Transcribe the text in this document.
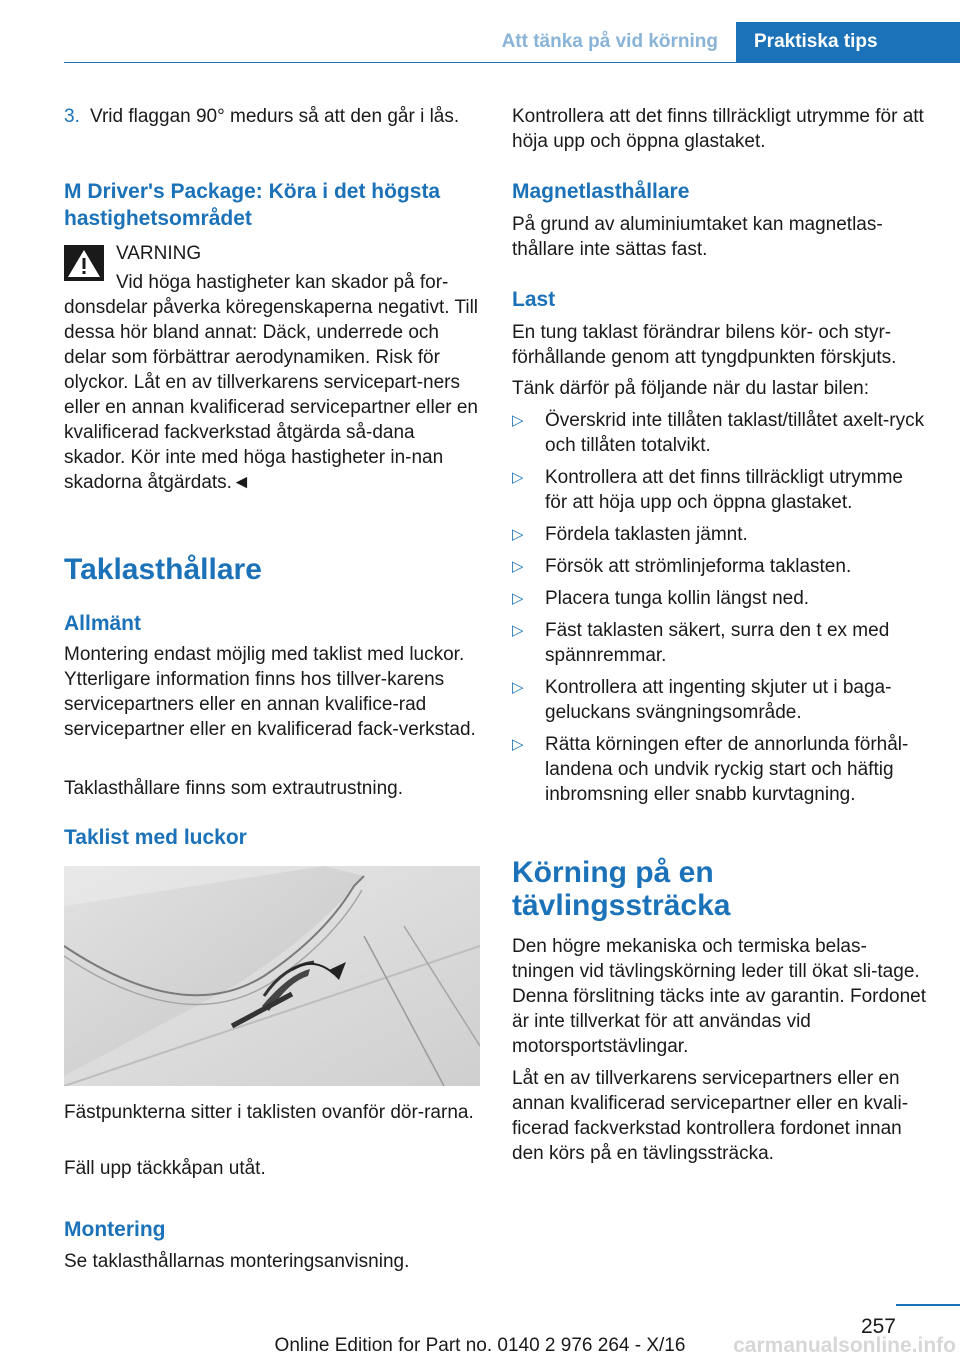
Att tänka på vid körning Praktiska tips
3. Vrid flaggan 90° medurs så att den går i lås.
M Driver's Package: Köra i det högsta hastighetsområdet
VARNING
Vid höga hastigheter kan skador på for-
donsdelar påverka köregenskaperna negativt. Till dessa hör bland annat: Däck, underrede och delar som förbättrar aerodynamiken. Risk för olyckor. Låt en av tillverkarens servicepart-ners eller en annan kvalificerad servicepartner eller en kvalificerad fackverkstad åtgärda så-dana skador. Kör inte med höga hastigheter in-nan skadorna åtgärdats.◄
Taklasthållare
Allmänt

Montering endast möjlig med taklist med luckor. Ytterligare information finns hos tillver-karens servicepartners eller en annan kvalifice-rad servicepartner eller en kvalificerad fack-verkstad.

Taklasthållare finns som extrautrustning.

Taklist med luckor

Fästpunkterna sitter i taklisten ovanför dör-rarna.

Fäll upp täckkåpan utåt.

Montering

Se taklasthållarnas monteringsanvisning.

Kontrollera att det finns tillräckligt utrymme för att höja upp och öppna glastaket.

Magnetlasthållare

På grund av aluminiumtaket kan magnetlas-thållare inte sättas fast.

Last

En tung taklast förändrar bilens kör- och styr-förhållande genom att tyngdpunkten förskjuts.

Tänk därför på följande när du lastar bilen:

▷	Överskrid inte tillåten taklast/tillåtet axelt-ryck och tillåten totalvikt.
▷	Kontrollera att det finns tillräckligt utrymme för att höja upp och öppna glastaket.
▷	Fördela taklasten jämnt.
▷	Försök att strömlinjeforma taklasten.
▷	Placera tunga kollin längst ned.
▷	Fäst taklasten säkert, surra den t ex med spännremmar.
▷	Kontrollera att ingenting skjuter ut i baga-geluckans svängningsområde.
▷	Rätta körningen efter de annorlunda förhål-landena och undvik ryckig start och häftig inbromsning eller snabb kurvtagning.
Körning på en tävlingssträcka

Den högre mekaniska och termiska belas-tningen vid tävlingskörning leder till ökat sli-tage. Denna förslitning täcks inte av garantin. Fordonet är inte tillverkat för att användas vid motorsportstävlingar.

Låt en av tillverkarens servicepartners eller en annan kvalificerad servicepartner eller en kvali-ficerad fackverkstad kontrollera fordonet innan den körs på en tävlingssträcka.

257
Online Edition for Part no. 0140 2 976 264 - X/16	carmanualsonline.info
